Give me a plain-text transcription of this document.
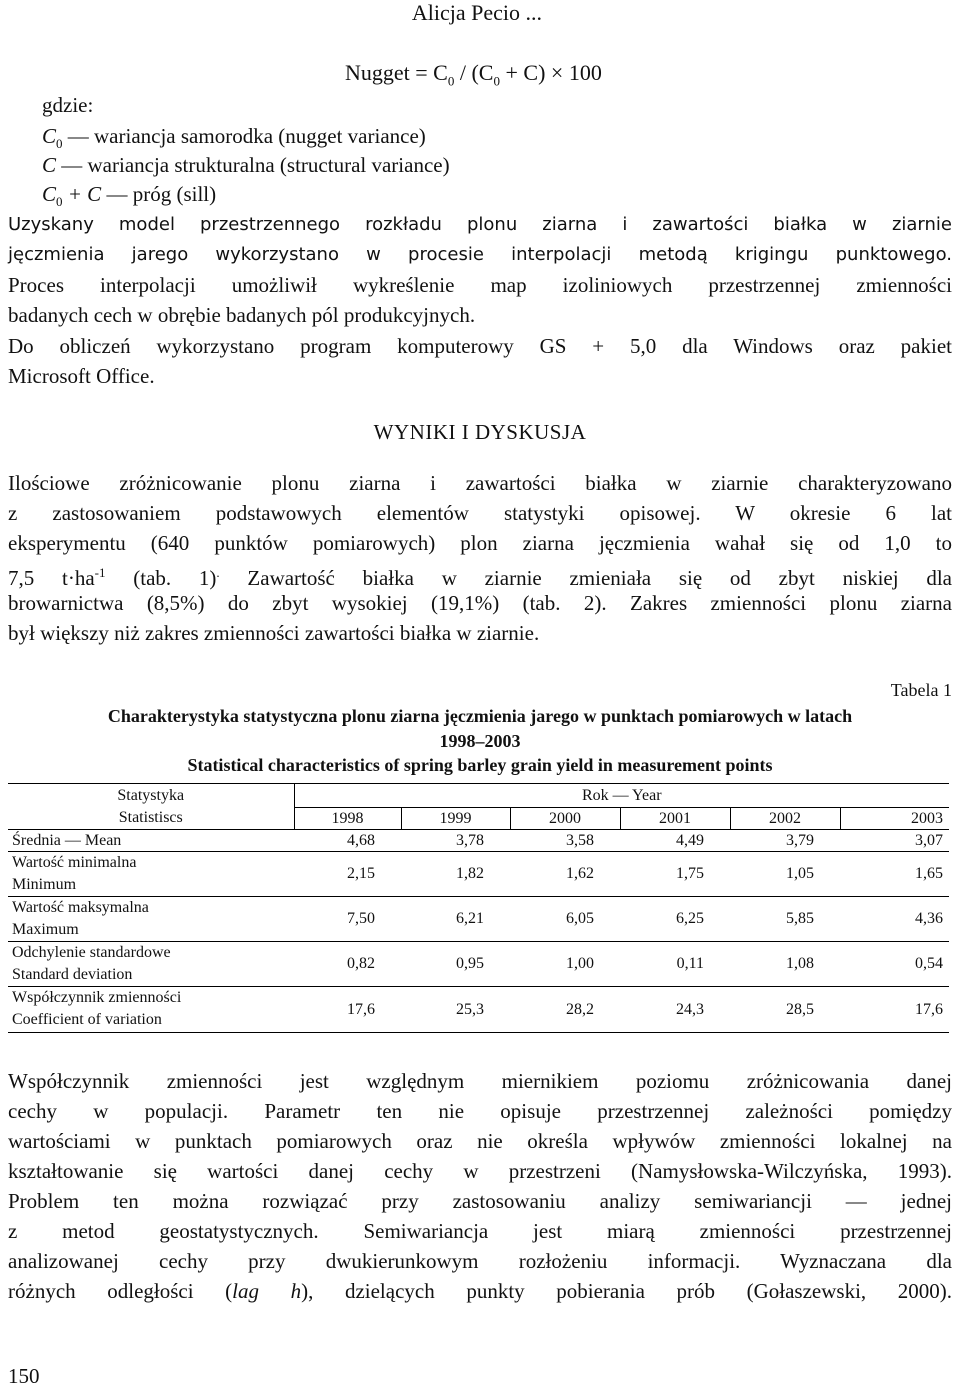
Alicja Pecio ...
Nugget = $C_0 / (C_0 + C) \times 100$
gdzie:
$C_0$ — wariancja samorodka (nugget variance)
C — wariancja strukturalna (structural variance)
$C_0 + C$ — próg (sill)
Uzyskany model przestrzennego rozkładu plonu ziarna i zawartości białka w ziarnie
jęczmienia jarego wykorzystano w procesie interpolacji metodą krigingu punktowego.
Proces interpolacji umożliwił wykreślenie map izoliniowych przestrzennej zmienności
badanych cech w obrębie badanych pól produkcyjnych.
Do obliczeń wykorzystano program komputerowy GS + 5,0 dla Windows oraz pakiet
Microsoft Office.
WYNIKI I DYSKUSJA
Ilościowe zróżnicowanie plonu ziarna i zawartości białka w ziarnie charakteryzowano
z zastosowaniem podstawowych elementów statystyki opisowej. W okresie 6 lat
eksperymentu (640 punktów pomiarowych) plon ziarna jęczmienia wahał się od 1,0 to
7,5 $t\cdot ha^{-1}$ (tab. 1). Zawartość białka w ziarnie zmieniała się od zbyt niskiej dla
browarnictwa (8,5%) do zbyt wysokiej (19,1%) (tab. 2). Zakres zmienności plonu ziarna
był większy niż zakres zmienności zawartości białka w ziarnie.
Tabela 1
Charakterystyka statystyczna plonu ziarna jęczmienia jarego w punktach pomiarowych w latach
1998–2003
Statistical characteristics of spring barley grain yield in measurement points
Statystyka
Statistiscs	Rok — Year					
	1998	1999	2000	2001	2002	2003
Średnia — Mean	4,68	3,78	3,58	4,49	3,79	3,07

Wartość minimalna
Minimum	2,15	1,82	1,62	1,75	1,05	1,65

Wartość maksymalna
Maximum	7,50	6,21	6,05	6,25	5,85	4,36

Odchylenie standardowe
Standard deviation	0,82	0,95	1,00	0,11	1,08	0,54

Współczynnik zmienności
Coefficient of variation	17,6	25,3	28,2	24,3	28,5	17,6
Współczynnik zmienności jest względnym miernikiem poziomu zróżnicowania danej
cechy w populacji. Parametr ten nie opisuje przestrzennej zależności pomiędzy
wartościami w punktach pomiarowych oraz nie określa wpływów zmienności lokalnej na
kształtowanie się wartości danej cechy w przestrzeni (Namysłowska-Wilczyńska, 1993).
Problem ten można rozwiązać przy zastosowaniu analizy semiwariancji — jednej
z metod geostatystycznych. Semiwariancja jest miarą zmienności przestrzennej
analizowanej cechy przy dwukierunkowym rozłożeniu informacji. Wyznaczana dla
różnych odległości (lag h), dzielących punkty pobierania prób (Gołaszewski, 2000).
150
